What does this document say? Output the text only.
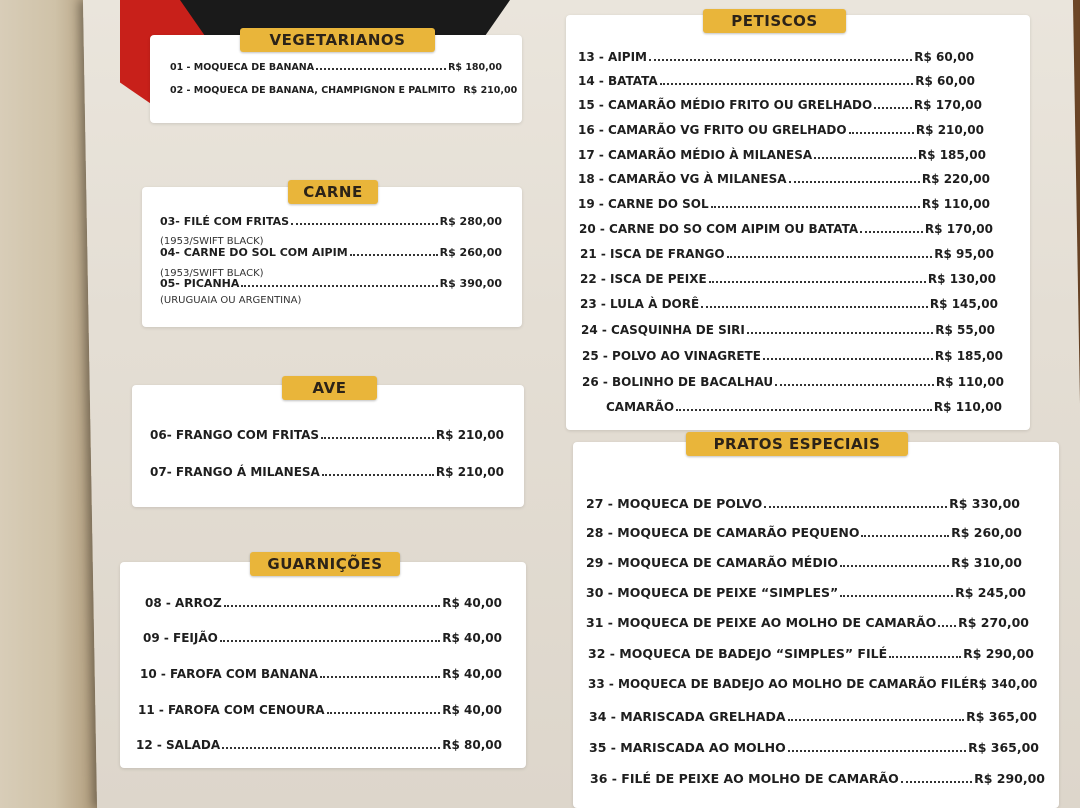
VEGETARIANOS
01 - MOQUECA DE BANANA	R$ 180,00
02 - MOQUECA DE BANANA, CHAMPIGNON E PALMITO R$ 210,00
CARNE
03- FILÉ COM FRITAS	R$ 280,00
(1953/SWIFT BLACK)
04- CARNE DO SOL COM AIPIM	R$ 260,00
(1953/SWIFT BLACK)
05- PICANHA	R$ 390,00
(URUGUAIA OU ARGENTINA)
AVE
06- FRANGO COM FRITAS	R$ 210,00
07- FRANGO Á MILANESA	R$ 210,00
GUARNIÇÕES
08 - ARROZ	R$ 40,00
09 - FEIJÃO	R$ 40,00
10 - FAROFA COM BANANA	R$ 40,00
11 - FAROFA COM CENOURA	R$ 40,00
12 - SALADA	R$ 80,00
PETISCOS
PRATOS ESPECIAIS
13 - AIPIM	R$ 60,00
14 - BATATA	R$ 60,00
15 - CAMARÃO MÉDIO FRITO OU GRELHADO	R$ 170,00
16 - CAMARÃO VG FRITO OU GRELHADO	R$ 210,00
17 - CAMARÃO MÉDIO À MILANESA	R$ 185,00
18 - CAMARÃO VG À MILANESA	R$ 220,00
19 - CARNE DO SOL	R$ 110,00
20 - CARNE DO SO COM AIPIM OU BATATA	R$ 170,00
21 - ISCA DE FRANGO	R$ 95,00
22 - ISCA DE PEIXE	R$ 130,00
23 - LULA À DORÊ	R$ 145,00
24 - CASQUINHA DE SIRI	R$ 55,00
25 - POLVO AO VINAGRETE	R$ 185,00
26 - BOLINHO DE BACALHAU	R$ 110,00
CAMARÃO	R$ 110,00
27 - MOQUECA DE POLVO	R$ 330,00
28 - MOQUECA DE CAMARÃO PEQUENO	R$ 260,00
29 - MOQUECA DE CAMARÃO MÉDIO	R$ 310,00
30 - MOQUECA DE PEIXE “SIMPLES”	R$ 245,00
31 - MOQUECA DE PEIXE AO MOLHO DE CAMARÃO R$ 270,00
32 - MOQUECA DE BADEJO “SIMPLES” FILÉ	R$ 290,00
33 - MOQUECA DE BADEJO AO MOLHO DE CAMARÃO FILÉ R$ 340,00
34 - MARISCADA GRELHADA	R$ 365,00
35 - MARISCADA AO MOLHO	R$ 365,00
36 - FILÉ DE PEIXE AO MOLHO DE CAMARÃO	R$ 290,00
